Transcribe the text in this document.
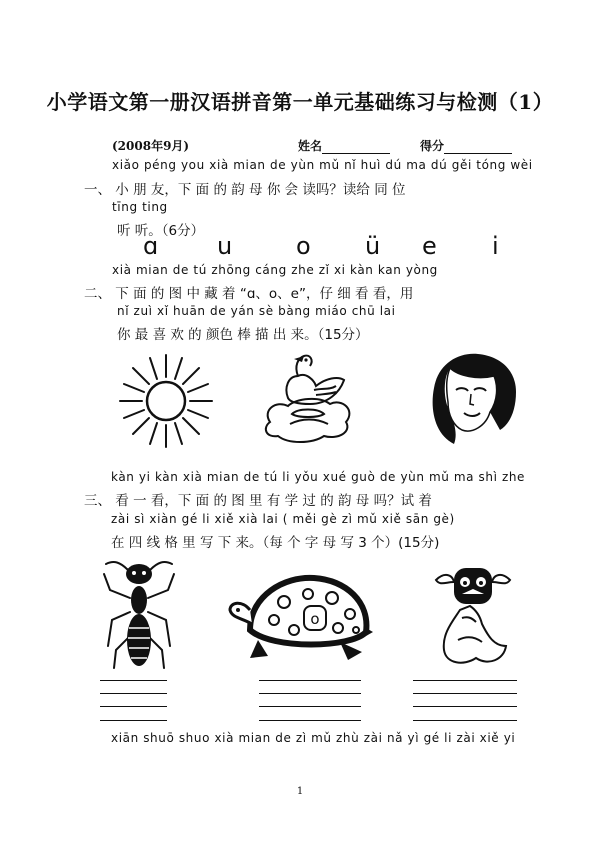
小学语文第一册汉语拼音第一单元基础练习与检测（1）
(2008年9月)	姓名	得分
xiǎo péng you xià mian de yùn mǔ nǐ huì dú ma dú gěi tóng wèi
一、 小 朋 友，下 面 的 韵 母 你 会 读吗？读给 同 位
tīng ting
听 听。（6分）
ɑ u	o ü e i
xià mian de tú zhōng cáng zhe zǐ xi kàn kan yòng
二、 下 面 的 图 中 藏 着 “ɑ、o、e”，仔 细 看 看，用
nǐ zuì xǐ huān de yán sè bàng miáo chū lai
你 最 喜 欢 的 颜色 棒 描 出 来。（15分）
kàn yi kàn xià mian de tú li yǒu xué guò de yùn mǔ ma shì zhe
三、 看 一 看，下 面 的 图 里 有 学 过 的 韵 母 吗？试 着
zài sì xiàn gé li xiě xià lai ( měi gè zì mǔ xiě sān gè)
在 四 线 格 里 写 下 来。（每 个 字 母 写 3 个）(15分)
o
xiān shuō shuo xià mian de zì mǔ zhù zài nǎ yì gé li zài xiě yi
1
